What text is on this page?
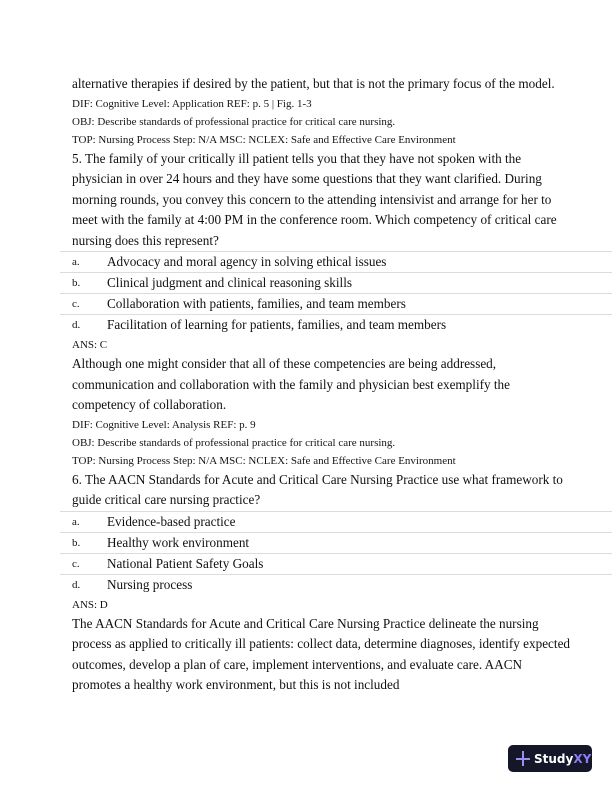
alternative therapies if desired by the patient, but that is not the primary focus of the model.

DIF: Cognitive Level: Application REF: p. 5 | Fig. 1-3

OBJ: Describe standards of professional practice for critical care nursing.

TOP: Nursing Process Step: N/A MSC: NCLEX: Safe and Effective Care Environment

5. The family of your critically ill patient tells you that they have not spoken with the physician in over 24 hours and they have some questions that they want clarified. During morning rounds, you convey this concern to the attending intensivist and arrange for her to meet with the family at 4:00 PM in the conference room. Which competency of critical care nursing does this represent?

a.	Advocacy and moral agency in solving ethical issues
b.	Clinical judgment and clinical reasoning skills
c.	Collaboration with patients, families, and team members
d.	Facilitation of learning for patients, families, and team members

ANS: C

Although one might consider that all of these competencies are being addressed, communication and collaboration with the family and physician best exemplify the competency of collaboration.

DIF: Cognitive Level: Analysis REF: p. 9

OBJ: Describe standards of professional practice for critical care nursing.

TOP: Nursing Process Step: N/A MSC: NCLEX: Safe and Effective Care Environment

6. The AACN Standards for Acute and Critical Care Nursing Practice use what framework to guide critical care nursing practice?

a.	Evidence-based practice
b.	Healthy work environment
c.	National Patient Safety Goals
d.	Nursing process

ANS: D

The AACN Standards for Acute and Critical Care Nursing Practice delineate the nursing process as applied to critically ill patients: collect data, determine diagnoses, identify expected outcomes, develop a plan of care, implement interventions, and evaluate care. AACN promotes a healthy work environment, but this is not included

Study XY
